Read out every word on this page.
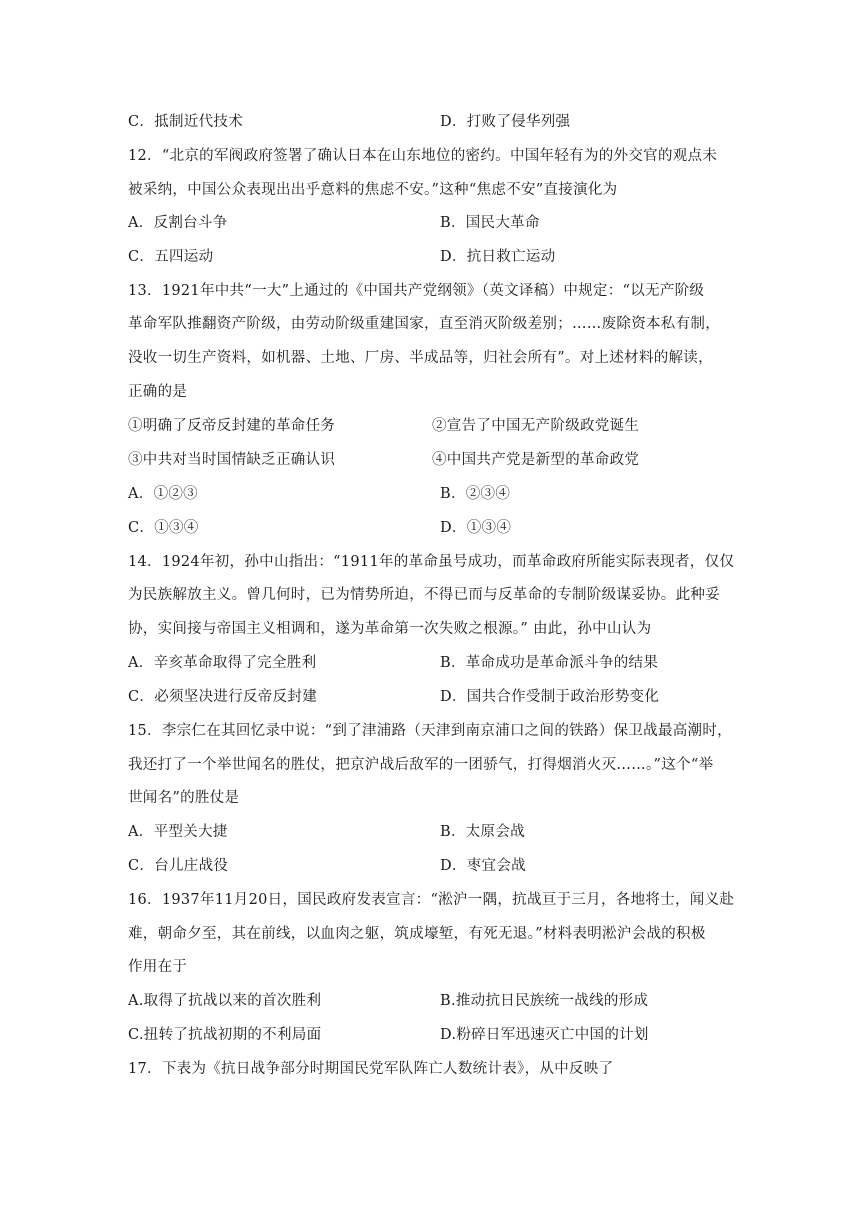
C．抵制近代技术	D．打败了侵华列强
12．“北京的军阀政府签署了确认日本在山东地位的密约。中国年轻有为的外交官的观点未
被采纳，中国公众表现出出乎意料的焦虑不安。”这种“焦虑不安”直接演化为
A．反割台斗争	B．国民大革命
C．五四运动	D．抗日救亡运动
13．1921年中共“一大”上通过的《中国共产党纲领》（英文译稿）中规定：“以无产阶级
革命军队推翻资产阶级，由劳动阶级重建国家，直至消灭阶级差别；……废除资本私有制，
没收一切生产资料，如机器、土地、厂房、半成品等，归社会所有”。对上述材料的解读，
正确的是
①明确了反帝反封建的革命任务	②宣告了中国无产阶级政党诞生
③中共对当时国情缺乏正确认识	④中国共产党是新型的革命政党
A．①②③	B．②③④
C．①③④	D．①③④
14．1924年初，孙中山指出：“1911年的革命虽号成功，而革命政府所能实际表现者，仅仅
为民族解放主义。曾几何时，已为情势所迫，不得已而与反革命的专制阶级谋妥协。此种妥
协，实间接与帝国主义相调和，遂为革命第一次失败之根源。” 由此，孙中山认为
A．辛亥革命取得了完全胜利	B．革命成功是革命派斗争的结果
C．必须坚决进行反帝反封建	D．国共合作受制于政治形势变化
15．李宗仁在其回忆录中说：“到了津浦路（天津到南京浦口之间的铁路）保卫战最高潮时，
我还打了一个举世闻名的胜仗，把京沪战后敌军的一团骄气，打得烟消火灭……。”这个“举
世闻名”的胜仗是
A．平型关大捷	B．太原会战
C．台儿庄战役	D．枣宜会战
16．1937年11月20日，国民政府发表宣言：“淞沪一隅，抗战亘于三月，各地将士，闻义赴
难，朝命夕至，其在前线，以血肉之躯，筑成壕堑，有死无退。”材料表明淞沪会战的积极
作用在于
A.取得了抗战以来的首次胜利	B.推动抗日民族统一战线的形成
C.扭转了抗战初期的不利局面	D.粉碎日军迅速灭亡中国的计划
17．下表为《抗日战争部分时期国民党军队阵亡人数统计表》，从中反映了
